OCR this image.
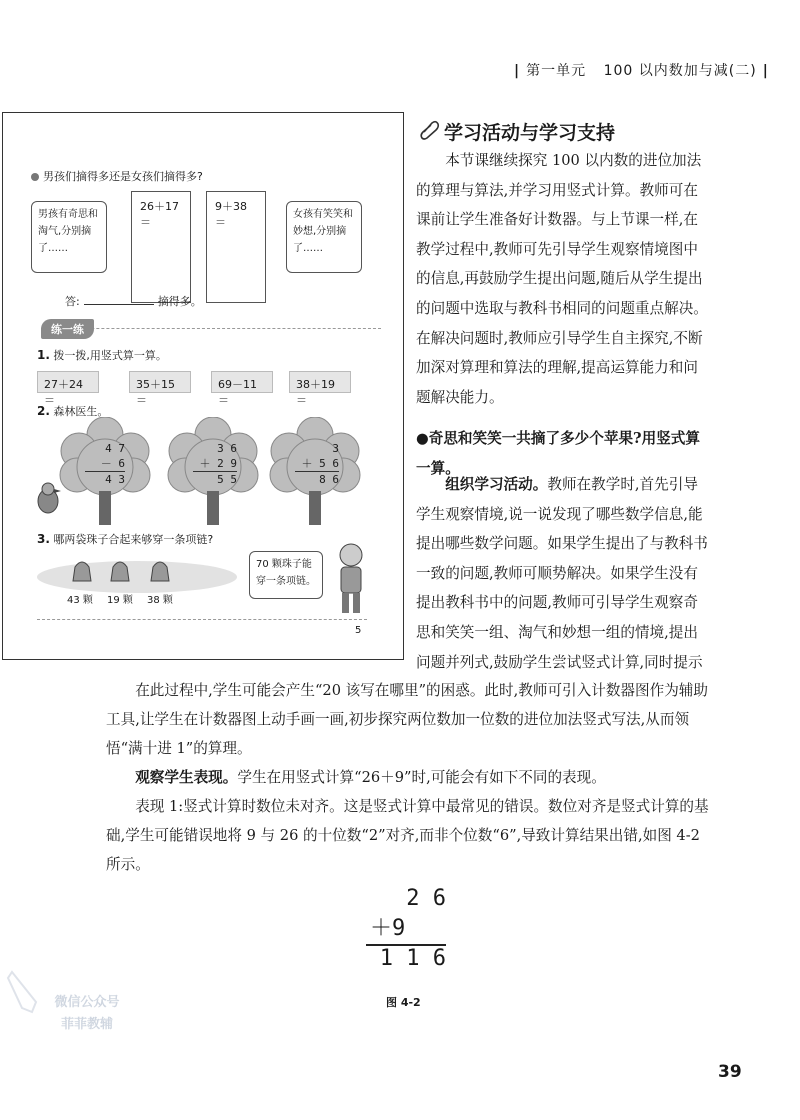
| 第一单元 100 以内数加与减(二) |
男孩们摘得多还是女孩们摘得多?
男孩有奇思和淘气,分别摘了……
26＋17＝
9＋38＝
女孩有笑笑和妙想,分别摘了……
答:	摘得多。
练一练
1. 拨一拨,用竖式算一算。
27＋24＝
35＋15＝
69－11＝
38＋19＝
2. 森林医生。
4 7
－ 6
4 3
3 6
＋ 2 9
5 5
3
＋ 5 6
8 6
3. 哪两袋珠子合起来够穿一条项链?
43 颗 19 颗 38 颗
70 颗珠子能穿一条项链。
5
学习活动与学习支持

本节课继续探究 100 以内数的进位加法的算理与算法,并学习用竖式计算。教师可在课前让学生准备好计数器。与上节课一样,在教学过程中,教师可先引导学生观察情境图中的信息,再鼓励学生提出问题,随后从学生提出的问题中选取与教科书相同的问题重点解决。在解决问题时,教师应引导学生自主探究,不断加深对算理和算法的理解,提高运算能力和问题解决能力。

●奇思和笑笑一共摘了多少个苹果?用竖式算一算。

组织学习活动。教师在教学时,首先引导学生观察情境,说一说发现了哪些数学信息,能提出哪些数学问题。如果学生提出了与教科书一致的问题,教师可顺势解决。如果学生没有提出教科书中的问题,教师可引导学生观察奇思和笑笑一组、淘气和妙想一组的情境,提出问题并列式,鼓励学生尝试竖式计算,同时提示

在此过程中,学生可能会产生“20 该写在哪里”的困惑。此时,教师可引入计数器图作为辅助工具,让学生在计数器图上动手画一画,初步探究两位数加一位数的进位加法竖式写法,从而领悟“满十进 1”的算理。

观察学生表现。学生在用竖式计算“26＋9”时,可能会有如下不同的表现。

表现 1:竖式计算时数位未对齐。这是竖式计算中最常见的错误。数位对齐是竖式计算的基础,学生可能错误地将 9 与 26 的十位数“2”对齐,而非个位数“6”,导致计算结果出错,如图 4-2 所示。

2 6
＋9
1 1 6
图 4-2
微信公众号
菲菲教辅
39
